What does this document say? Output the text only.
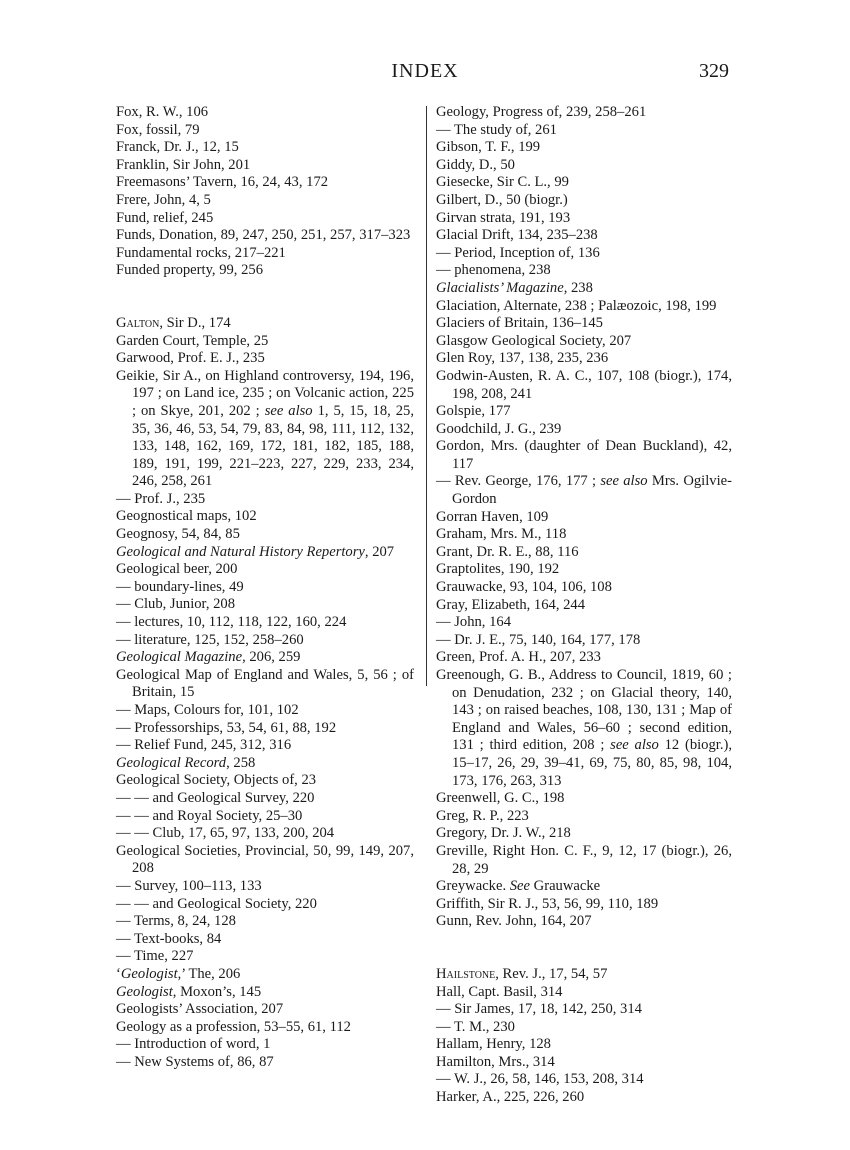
INDEX	329
Fox, R. W., 106
Fox, fossil, 79
Franck, Dr. J., 12, 15
Franklin, Sir John, 201
Freemasons’ Tavern, 16, 24, 43, 172
Frere, John, 4, 5
Fund, relief, 245
Funds, Donation, 89, 247, 250, 251, 257, 317–323
Fundamental rocks, 217–221
Funded property, 99, 256
Galton, Sir D., 174
Garden Court, Temple, 25
Garwood, Prof. E. J., 235
Geikie, Sir A., on Highland controversy, 194, 196, 197 ; on Land ice, 235 ; on Volcanic action, 225 ; on Skye, 201, 202 ; see also 1, 5, 15, 18, 25, 35, 36, 46, 53, 54, 79, 83, 84, 98, 111, 112, 132, 133, 148, 162, 169, 172, 181, 182, 185, 188, 189, 191, 199, 221–223, 227, 229, 233, 234, 246, 258, 261
— Prof. J., 235
Geognostical maps, 102
Geognosy, 54, 84, 85
Geological and Natural History Repertory, 207
Geological beer, 200
— boundary-lines, 49
— Club, Junior, 208
— lectures, 10, 112, 118, 122, 160, 224
— literature, 125, 152, 258–260
Geological Magazine, 206, 259
Geological Map of England and Wales, 5, 56 ; of Britain, 15
— Maps, Colours for, 101, 102
— Professorships, 53, 54, 61, 88, 192
— Relief Fund, 245, 312, 316
Geological Record, 258
Geological Society, Objects of, 23
— — and Geological Survey, 220
— — and Royal Society, 25–30
— — Club, 17, 65, 97, 133, 200, 204
Geological Societies, Provincial, 50, 99, 149, 207, 208
— Survey, 100–113, 133
— — and Geological Society, 220
— Terms, 8, 24, 128
— Text-books, 84
— Time, 227
‘Geologist,’ The, 206
Geologist, Moxon’s, 145
Geologists’ Association, 207
Geology as a profession, 53–55, 61, 112
— Introduction of word, 1
— New Systems of, 86, 87
Geology, Progress of, 239, 258–261
— The study of, 261
Gibson, T. F., 199
Giddy, D., 50
Giesecke, Sir C. L., 99
Gilbert, D., 50 (biogr.)
Girvan strata, 191, 193
Glacial Drift, 134, 235–238
— Period, Inception of, 136
— phenomena, 238
Glacialists’ Magazine, 238
Glaciation, Alternate, 238 ; Palæozoic, 198, 199
Glaciers of Britain, 136–145
Glasgow Geological Society, 207
Glen Roy, 137, 138, 235, 236
Godwin-Austen, R. A. C., 107, 108 (biogr.), 174, 198, 208, 241
Golspie, 177
Goodchild, J. G., 239
Gordon, Mrs. (daughter of Dean Buckland), 42, 117
— Rev. George, 176, 177 ; see also Mrs. Ogilvie-Gordon
Gorran Haven, 109
Graham, Mrs. M., 118
Grant, Dr. R. E., 88, 116
Graptolites, 190, 192
Grauwacke, 93, 104, 106, 108
Gray, Elizabeth, 164, 244
— John, 164
— Dr. J. E., 75, 140, 164, 177, 178
Green, Prof. A. H., 207, 233
Greenough, G. B., Address to Council, 1819, 60 ; on Denudation, 232 ; on Glacial theory, 140, 143 ; on raised beaches, 108, 130, 131 ; Map of England and Wales, 56–60 ; second edition, 131 ; third edition, 208 ; see also 12 (biogr.), 15–17, 26, 29, 39–41, 69, 75, 80, 85, 98, 104, 173, 176, 263, 313
Greenwell, G. C., 198
Greg, R. P., 223
Gregory, Dr. J. W., 218
Greville, Right Hon. C. F., 9, 12, 17 (biogr.), 26, 28, 29
Greywacke. See Grauwacke
Griffith, Sir R. J., 53, 56, 99, 110, 189
Gunn, Rev. John, 164, 207
Hailstone, Rev. J., 17, 54, 57
Hall, Capt. Basil, 314
— Sir James, 17, 18, 142, 250, 314
— T. M., 230
Hallam, Henry, 128
Hamilton, Mrs., 314
— W. J., 26, 58, 146, 153, 208, 314
Harker, A., 225, 226, 260
